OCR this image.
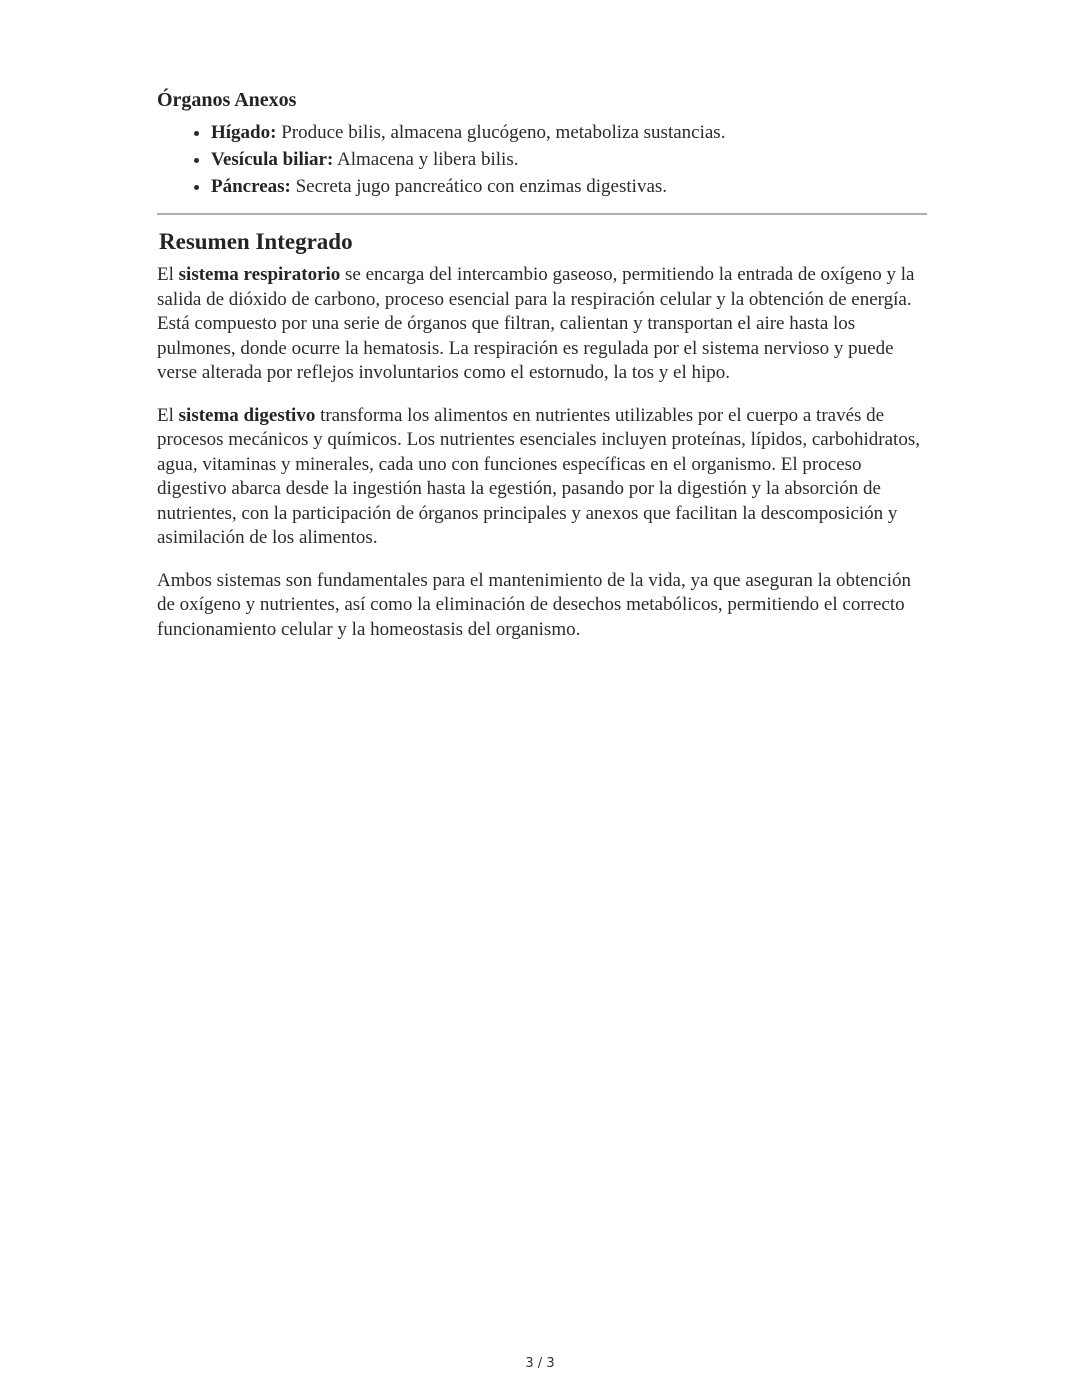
Órganos Anexos
• Hígado: Produce bilis, almacena glucógeno, metaboliza sustancias.
• Vesícula biliar: Almacena y libera bilis.
• Páncreas: Secreta jugo pancreático con enzimas digestivas.
Resumen Integrado

El sistema respiratorio se encarga del intercambio gaseoso, permitiendo la entrada de oxígeno y la salida de dióxido de carbono, proceso esencial para la respiración celular y la obtención de energía. Está compuesto por una serie de órganos que filtran, calientan y transportan el aire hasta los pulmones, donde ocurre la hematosis. La respiración es regulada por el sistema nervioso y puede verse alterada por reflejos involuntarios como el estornudo, la tos y el hipo.

El sistema digestivo transforma los alimentos en nutrientes utilizables por el cuerpo a través de procesos mecánicos y químicos. Los nutrientes esenciales incluyen proteínas, lípidos, carbohidratos, agua, vitaminas y minerales, cada uno con funciones específicas en el organismo. El proceso digestivo abarca desde la ingestión hasta la egestión, pasando por la digestión y la absorción de nutrientes, con la participación de órganos principales y anexos que facilitan la descomposición y asimilación de los alimentos.

Ambos sistemas son fundamentales para el mantenimiento de la vida, ya que aseguran la obtención de oxígeno y nutrientes, así como la eliminación de desechos metabólicos, permitiendo el correcto funcionamiento celular y la homeostasis del organismo.

3 / 3
